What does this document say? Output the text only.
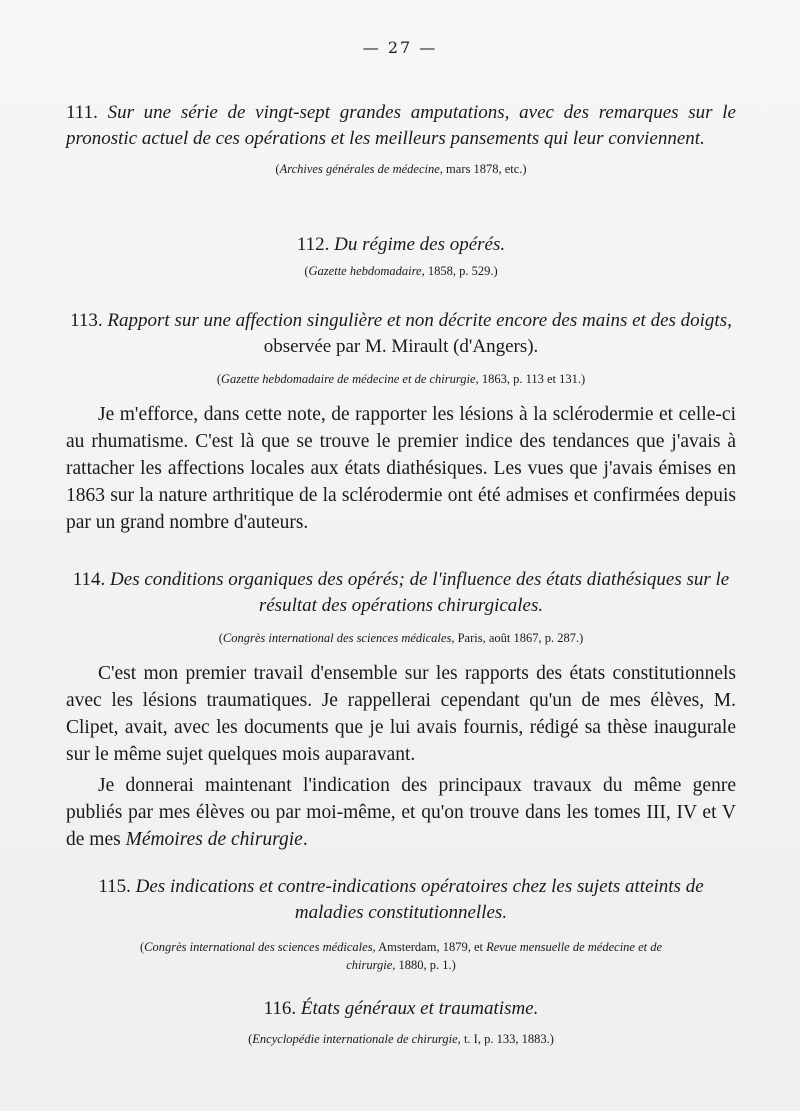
— 27 —
111. Sur une série de vingt-sept grandes amputations, avec des remarques sur le pronostic actuel de ces opérations et les meilleurs pansements qui leur conviennent.
(Archives générales de médecine, mars 1878, etc.)
112. Du régime des opérés.
(Gazette hebdomadaire, 1858, p. 529.)
113. Rapport sur une affection singulière et non décrite encore des mains et des doigts, observée par M. Mirault (d'Angers).
(Gazette hebdomadaire de médecine et de chirurgie, 1863, p. 113 et 131.)
Je m'efforce, dans cette note, de rapporter les lésions à la sclérodermie et celle-ci au rhumatisme. C'est là que se trouve le premier indice des tendances que j'avais à rattacher les affections locales aux états diathésiques. Les vues que j'avais émises en 1863 sur la nature arthritique de la sclérodermie ont été admises et confirmées depuis par un grand nombre d'auteurs.
114. Des conditions organiques des opérés; de l'influence des états diathésiques sur le résultat des opérations chirurgicales.
(Congrès international des sciences médicales, Paris, août 1867, p. 287.)
C'est mon premier travail d'ensemble sur les rapports des états constitutionnels avec les lésions traumatiques. Je rappellerai cependant qu'un de mes élèves, M. Clipet, avait, avec les documents que je lui avais fournis, rédigé sa thèse inaugurale sur le même sujet quelques mois auparavant.
Je donnerai maintenant l'indication des principaux travaux du même genre publiés par mes élèves ou par moi-même, et qu'on trouve dans les tomes III, IV et V de mes Mémoires de chirurgie.
115. Des indications et contre-indications opératoires chez les sujets atteints de maladies constitutionnelles.
(Congrès international des sciences médicales, Amsterdam, 1879, et Revue mensuelle de médecine et de chirurgie, 1880, p. 1.)
116. États généraux et traumatisme.
(Encyclopédie internationale de chirurgie, t. I, p. 133, 1883.)
